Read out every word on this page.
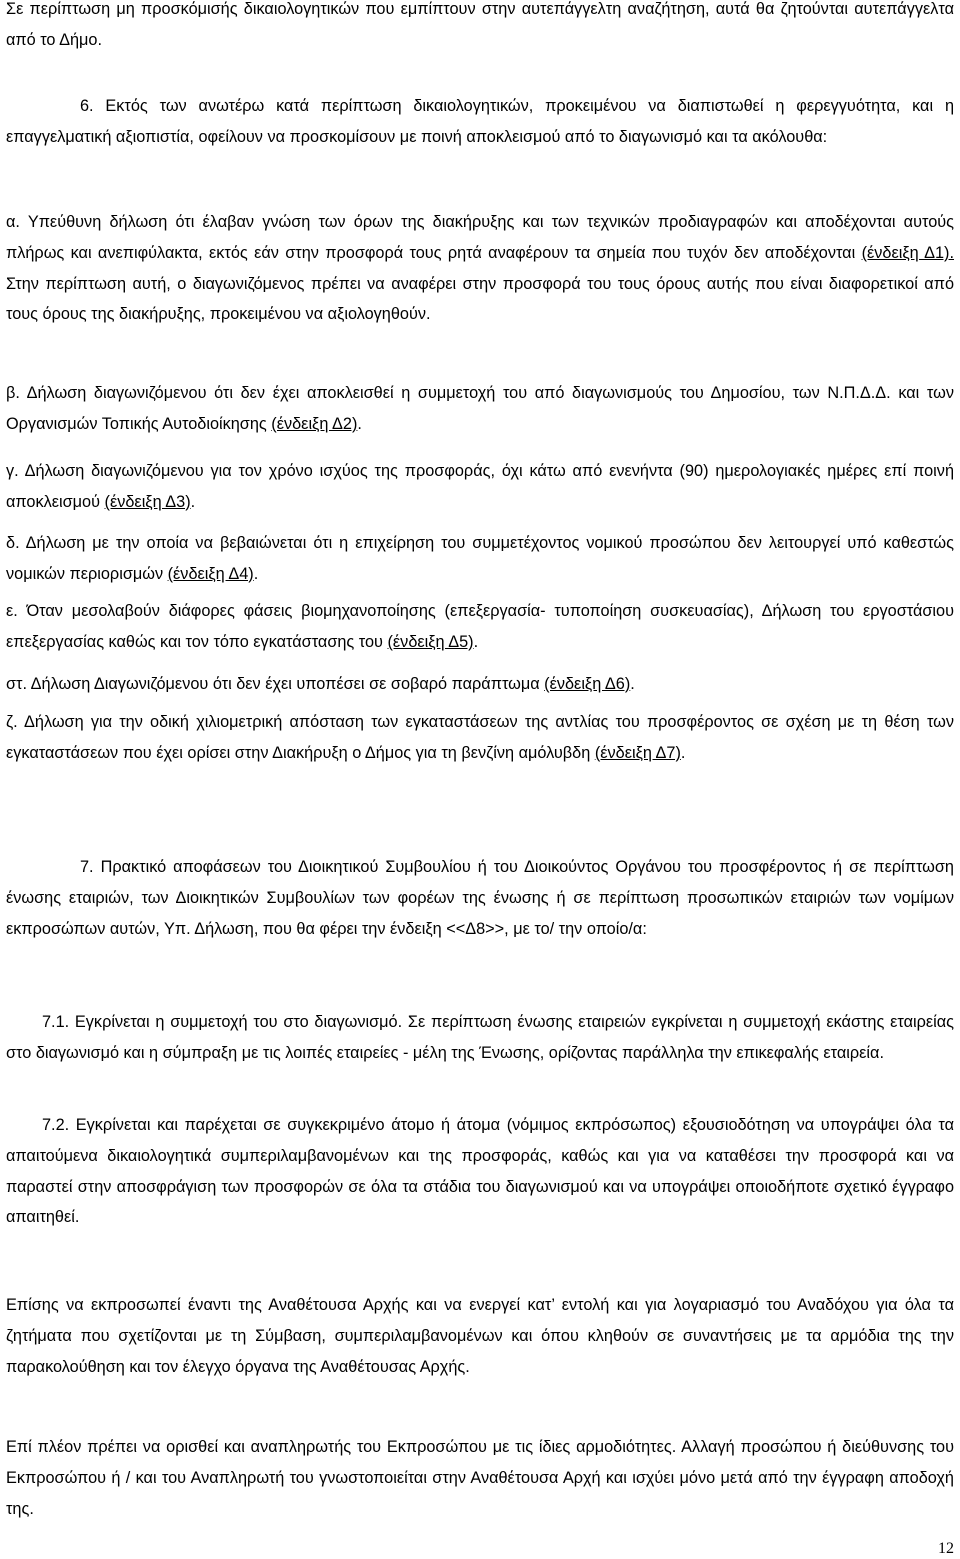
Σε περίπτωση μη προσκόμισής δικαιολογητικών που εμπίπτουν στην αυτεπάγγελτη αναζήτηση, αυτά θα ζητούνται αυτεπάγγελτα από το Δήμο.

6. Εκτός των ανωτέρω κατά περίπτωση δικαιολογητικών, προκειμένου να διαπιστωθεί η φερεγγυότητα, και η επαγγελματική αξιοπιστία, οφείλουν να προσκομίσουν με ποινή αποκλεισμού από το διαγωνισμό και τα ακόλουθα:

α. Υπεύθυνη δήλωση ότι έλαβαν γνώση των όρων της διακήρυξης και των τεχνικών προδιαγραφών και αποδέχονται αυτούς πλήρως και ανεπιφύλακτα, εκτός εάν στην προσφορά τους ρητά αναφέρουν τα σημεία που τυχόν δεν αποδέχονται (ένδειξη Δ1). Στην περίπτωση αυτή, ο διαγωνιζόμενος πρέπει να αναφέρει στην προσφορά του τους όρους αυτής που είναι διαφορετικοί από τους όρους της διακήρυξης, προκειμένου να αξιολογηθούν.

β. Δήλωση διαγωνιζόμενου ότι δεν έχει αποκλεισθεί η συμμετοχή του από διαγωνισμούς του Δημοσίου, των Ν.Π.Δ.Δ. και των Οργανισμών Τοπικής Αυτοδιοίκησης (ένδειξη Δ2).

γ. Δήλωση διαγωνιζόμενου για τον χρόνο ισχύος της προσφοράς, όχι κάτω από ενενήντα (90) ημερολογιακές ημέρες επί ποινή αποκλεισμού (ένδειξη Δ3).

δ. Δήλωση με την οποία να βεβαιώνεται ότι η επιχείρηση του συμμετέχοντος νομικού προσώπου δεν λειτουργεί υπό καθεστώς νομικών περιορισμών (ένδειξη Δ4).

ε. Όταν μεσολαβούν διάφορες φάσεις βιομηχανοποίησης (επεξεργασία- τυποποίηση συσκευασίας), Δήλωση του εργοστάσιου επεξεργασίας καθώς και τον τόπο εγκατάστασης του (ένδειξη Δ5).

στ. Δήλωση Διαγωνιζόμενου ότι δεν έχει υποπέσει σε σοβαρό παράπτωμα (ένδειξη Δ6).

ζ. Δήλωση για την οδική χιλιομετρική απόσταση των εγκαταστάσεων της αντλίας του προσφέροντος σε σχέση με τη θέση των εγκαταστάσεων που έχει ορίσει στην Διακήρυξη ο Δήμος για τη βενζίνη αμόλυβδη (ένδειξη Δ7).

7. Πρακτικό αποφάσεων του Διοικητικού Συμβουλίου ή του Διοικούντος Οργάνου του προσφέροντος ή σε περίπτωση ένωσης εταιριών, των Διοικητικών Συμβουλίων των φορέων της ένωσης ή σε περίπτωση προσωπικών εταιριών των νομίμων εκπροσώπων αυτών, Υπ. Δήλωση, που θα φέρει την ένδειξη <<Δ8>>, με το/ την οποίο/α:

7.1. Εγκρίνεται η συμμετοχή του στο διαγωνισμό. Σε περίπτωση ένωσης εταιρειών εγκρίνεται η συμμετοχή εκάστης εταιρείας στο διαγωνισμό και η σύμπραξη με τις λοιπές εταιρείες - μέλη της Ένωσης, ορίζοντας παράλληλα την επικεφαλής εταιρεία.

7.2. Εγκρίνεται και παρέχεται σε συγκεκριμένο άτομο ή άτομα (νόμιμος εκπρόσωπος) εξουσιοδότηση να υπογράψει όλα τα απαιτούμενα δικαιολογητικά συμπεριλαμβανομένων και της προσφοράς, καθώς και για να καταθέσει την προσφορά και να παραστεί στην αποσφράγιση των προσφορών σε όλα τα στάδια του διαγωνισμού και να υπογράψει οποιοδήποτε σχετικό έγγραφο απαιτηθεί.

Επίσης να εκπροσωπεί έναντι της Αναθέτουσα Αρχής και να ενεργεί κατ’ εντολή και για λογαριασμό του Αναδόχου για όλα τα ζητήματα που σχετίζονται με τη Σύμβαση, συμπεριλαμβανομένων και όπου κληθούν σε συναντήσεις με τα αρμόδια της την παρακολούθηση και τον έλεγχο όργανα της Αναθέτουσας Αρχής.

Επί πλέον πρέπει να ορισθεί και αναπληρωτής του Εκπροσώπου με τις ίδιες αρμοδιότητες. Αλλαγή προσώπου ή διεύθυνσης του Εκπροσώπου ή / και του Αναπληρωτή του γνωστοποιείται στην Αναθέτουσα Αρχή και ισχύει μόνο μετά από την έγγραφη αποδοχή της.

12
